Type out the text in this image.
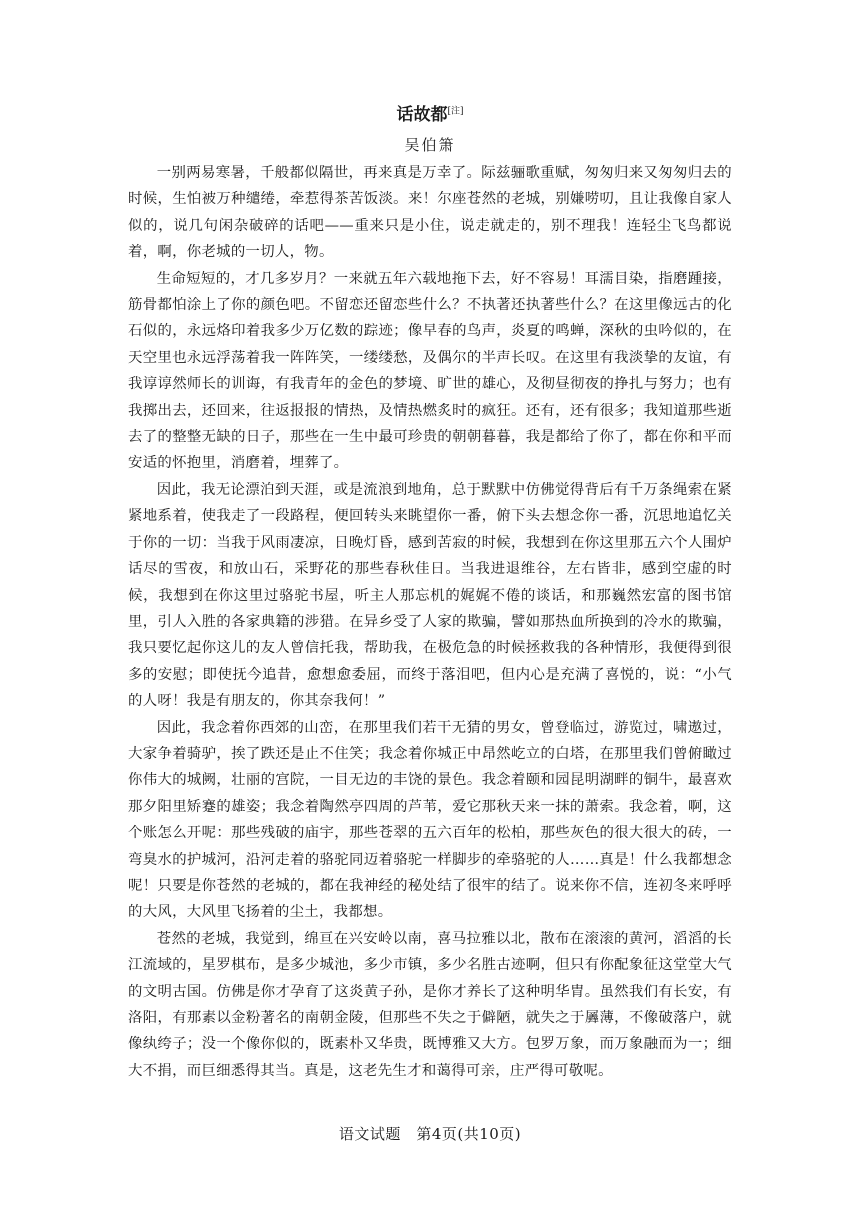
话故都[注]
吴伯箫

一别两易寒暑，千般都似隔世，再来真是万幸了。际兹骊歌重赋，匆匆归来又匆匆归去的时候，生怕被万种缱绻，牵惹得茶苦饭淡。来！尔座苍然的老城，别嫌唠叨，且让我像自家人似的，说几句闲杂破碎的话吧——重来只是小住，说走就走的，别不理我！连轻尘飞鸟都说着，啊，你老城的一切人，物。

生命短短的，才几多岁月？一来就五年六载地拖下去，好不容易！耳濡目染，指磨踵接，筋骨都怕涂上了你的颜色吧。不留恋还留恋些什么？不执著还执著些什么？在这里像远古的化石似的，永远烙印着我多少万亿数的踪迹；像早春的鸟声，炎夏的鸣蝉，深秋的虫吟似的，在天空里也永远浮荡着我一阵阵笑，一缕缕愁，及偶尔的半声长叹。在这里有我淡挚的友谊，有我谆谆然师长的训诲，有我青年的金色的梦境、旷世的雄心，及彻昼彻夜的挣扎与努力；也有我掷出去，还回来，往返报报的情热，及情热燃炙时的疯狂。还有，还有很多；我知道那些逝去了的整整无缺的日子，那些在一生中最可珍贵的朝朝暮暮，我是都给了你了，都在你和平而安适的怀抱里，消磨着，埋葬了。

因此，我无论漂泊到天涯，或是流浪到地角，总于默默中仿佛觉得背后有千万条绳索在紧紧地系着，使我走了一段路程，便回转头来眺望你一番，俯下头去想念你一番，沉思地追忆关于你的一切：当我于风雨凄凉，日晚灯昏，感到苦寂的时候，我想到在你这里那五六个人围炉话尽的雪夜，和放山石，采野花的那些春秋佳日。当我进退维谷，左右皆非，感到空虚的时候，我想到在你这里过骆驼书屋，听主人那忘机的娓娓不倦的谈话，和那巍然宏富的图书馆里，引人入胜的各家典籍的涉猎。在异乡受了人家的欺骗，譬如那热血所换到的冷水的欺骗，我只要忆起你这儿的友人曾信托我，帮助我，在极危急的时候拯救我的各种情形，我便得到很多的安慰；即使抚今追昔，愈想愈委屈，而终于落泪吧，但内心是充满了喜悦的，说：“小气的人呀！我是有朋友的，你其奈我何！”

因此，我念着你西郊的山峦，在那里我们若干无猜的男女，曾登临过，游览过，啸遨过，大家争着骑驴，挨了跌还是止不住笑；我念着你城正中昂然屹立的白塔，在那里我们曾俯瞰过你伟大的城阙，壮丽的宫院，一目无边的丰饶的景色。我念着颐和园昆明湖畔的铜牛，最喜欢那夕阳里矫蹇的雄姿；我念着陶然亭四周的芦苇，爱它那秋天来一抹的萧索。我念着，啊，这个账怎么开呢：那些残破的庙宇，那些苍翠的五六百年的松柏，那些灰色的很大很大的砖，一弯臭水的护城河，沿河走着的骆驼同迈着骆驼一样脚步的牵骆驼的人……真是！什么我都想念呢！只要是你苍然的老城的，都在我神经的秘处结了很牢的结了。说来你不信，连初冬来呼呼的大风，大风里飞扬着的尘土，我都想。

苍然的老城，我觉到，绵亘在兴安岭以南，喜马拉雅以北，散布在滚滚的黄河，滔滔的长江流域的，星罗棋布，是多少城池，多少市镇，多少名胜古迹啊，但只有你配象征这堂堂大气的文明古国。仿佛是你才孕育了这炎黄子孙，是你才养长了这种明华胄。虽然我们有长安，有洛阳，有那素以金粉著名的南朝金陵，但那些不失之于僻陋，就失之于羼薄，不像破落户，就像纨绔子；没一个像你似的，既素朴又华贵，既博雅又大方。包罗万象，而万象融而为一；细大不捐，而巨细悉得其当。真是，这老先生才和蔼得可亲，庄严得可敬呢。

语文试题　第4页(共10页)
